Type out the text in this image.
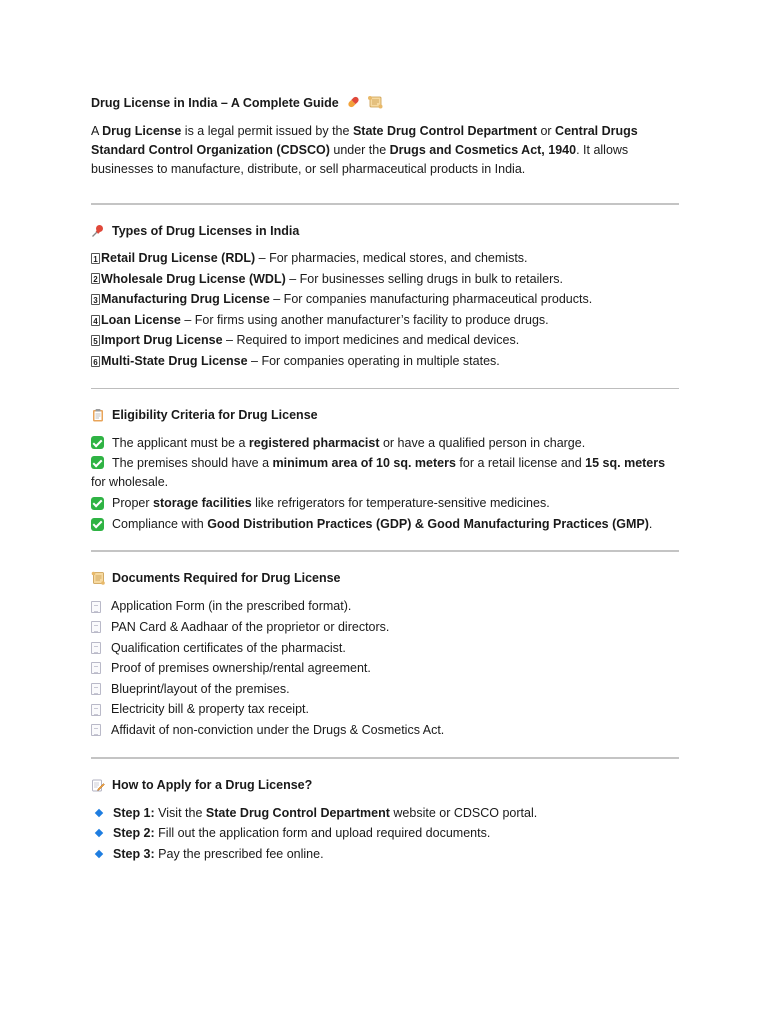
Drug License in India – A Complete Guide

A Drug License is a legal permit issued by the State Drug Control Department or Central Drugs Standard Control Organization (CDSCO) under the Drugs and Cosmetics Act, 1940. It allows businesses to manufacture, distribute, or sell pharmaceutical products in India.

Types of Drug Licenses in India
1 Retail Drug License (RDL) – For pharmacies, medical stores, and chemists.
2 Wholesale Drug License (WDL) – For businesses selling drugs in bulk to retailers.
3 Manufacturing Drug License – For companies manufacturing pharmaceutical products.
4 Loan License – For firms using another manufacturer’s facility to produce drugs.
5 Import Drug License – Required to import medicines and medical devices.
6 Multi-State Drug License – For companies operating in multiple states.
Eligibility Criteria for Drug License
The applicant must be a registered pharmacist or have a qualified person in charge.
The premises should have a minimum area of 10 sq. meters for a retail license and 15 sq. meters for wholesale.
Proper storage facilities like refrigerators for temperature-sensitive medicines.
Compliance with Good Distribution Practices (GDP) & Good Manufacturing Practices (GMP).
Documents Required for Drug License
Application Form (in the prescribed format).
PAN Card & Aadhaar of the proprietor or directors.
Qualification certificates of the pharmacist.
Proof of premises ownership/rental agreement.
Blueprint/layout of the premises.
Electricity bill & property tax receipt.
Affidavit of non-conviction under the Drugs & Cosmetics Act.
How to Apply for a Drug License?
Step 1: Visit the State Drug Control Department website or CDSCO portal.
Step 2: Fill out the application form and upload required documents.
Step 3: Pay the prescribed fee online.
